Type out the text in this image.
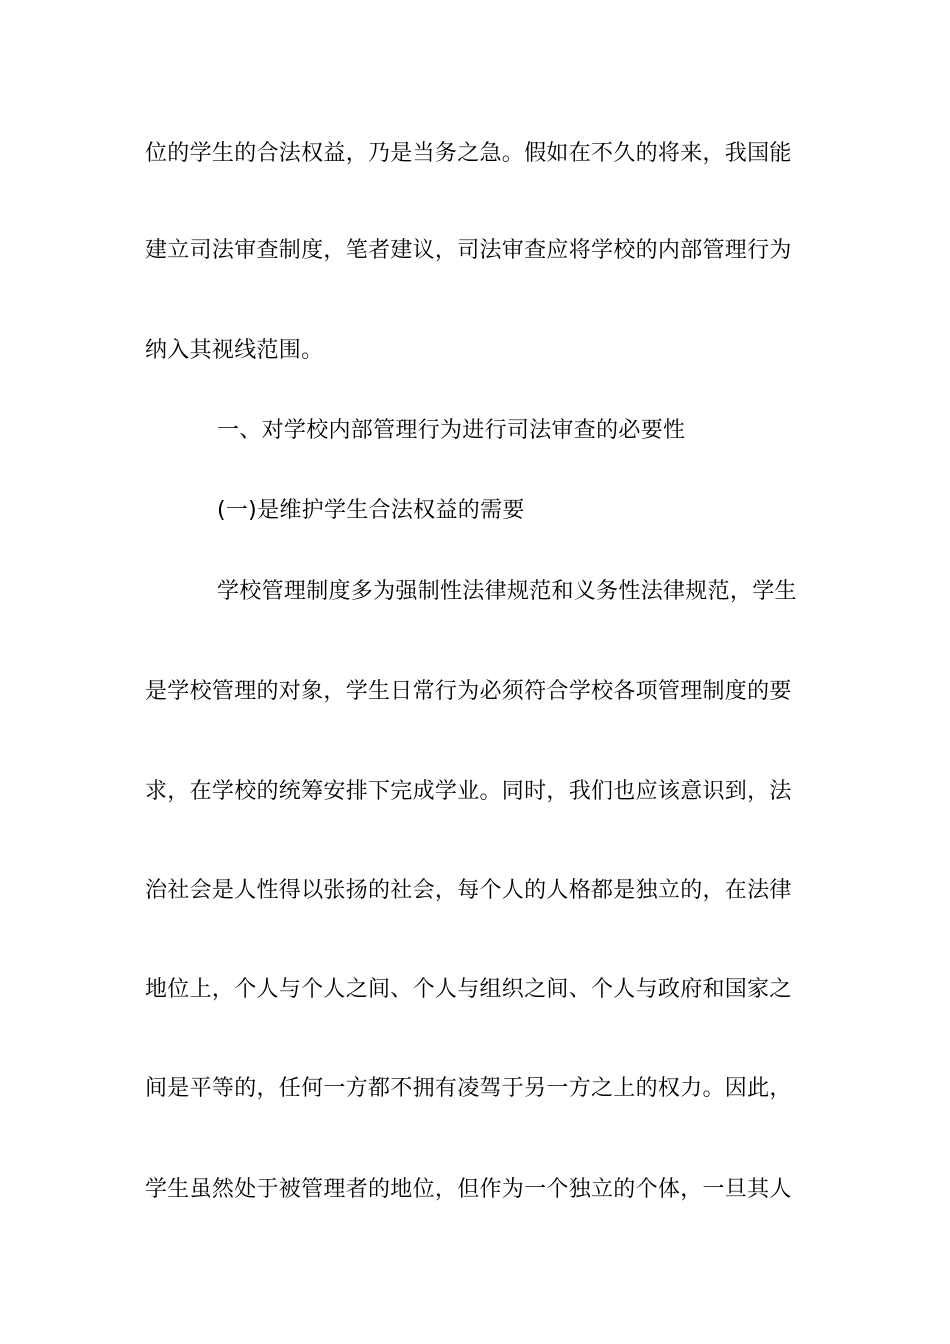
位的学生的合法权益，乃是当务之急。假如在不久的将来，我国能
建立司法审查制度，笔者建议，司法审查应将学校的内部管理行为
纳入其视线范围。
一、对学校内部管理行为进行司法审查的必要性
(一)是维护学生合法权益的需要
学校管理制度多为强制性法律规范和义务性法律规范，学生
是学校管理的对象，学生日常行为必须符合学校各项管理制度的要
求，在学校的统筹安排下完成学业。同时，我们也应该意识到，法
治社会是人性得以张扬的社会，每个人的人格都是独立的，在法律
地位上，个人与个人之间、个人与组织之间、个人与政府和国家之
间是平等的，任何一方都不拥有凌驾于另一方之上的权力。因此，
学生虽然处于被管理者的地位，但作为一个独立的个体，一旦其人
